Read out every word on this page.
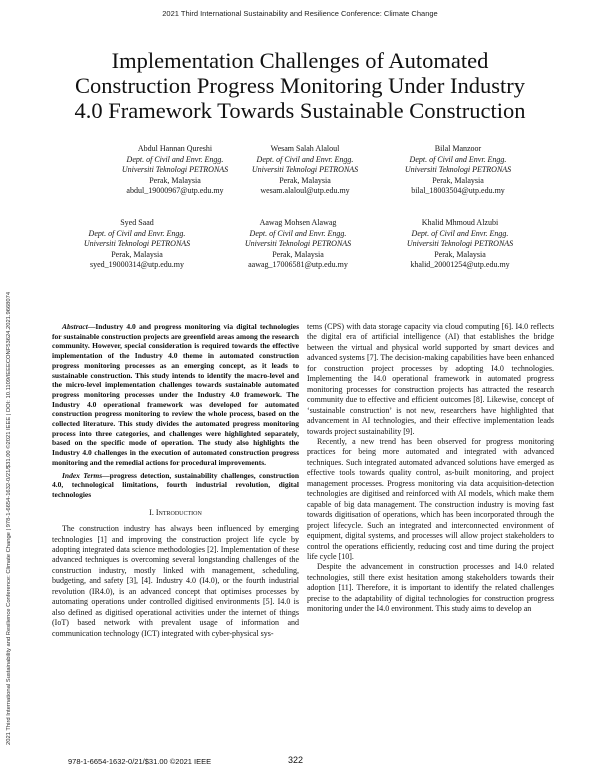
2021 Third International Sustainability and Resilience Conference: Climate Change
Implementation Challenges of Automated
Construction Progress Monitoring Under Industry
4.0 Framework Towards Sustainable Construction
Abdul Hannan Qureshi
Dept. of Civil and Envr. Engg.
Universiti Teknologi PETRONAS
Perak, Malaysia
abdul_19000967@utp.edu.my
Wesam Salah Alaloul
Dept. of Civil and Envr. Engg.
Universiti Teknologi PETRONAS
Perak, Malaysia
wesam.alaloul@utp.edu.my
Bilal Manzoor
Dept. of Civil and Envr. Engg.
Universiti Teknologi PETRONAS
Perak, Malaysia
bilal_18003504@utp.edu.my
Syed Saad
Dept. of Civil and Envr. Engg.
Universiti Teknologi PETRONAS
Perak, Malaysia
syed_19000314@utp.edu.my
Aawag Mohsen Alawag
Dept. of Civil and Envr. Engg.
Universiti Teknologi PETRONAS
Perak, Malaysia
aawag_17006581@utp.edu.my
Khalid Mhmoud Alzubi
Dept. of Civil and Envr. Engg.
Universiti Teknologi PETRONAS
Perak, Malaysia
khalid_20001254@utp.edu.my

Abstract—Industry 4.0 and progress monitoring via digital technologies for sustainable construction projects are greenfield areas among the research community. However, special consideration is required towards the effective implementation of the Industry 4.0 theme in automated construction progress monitoring processes as an emerging concept, as it leads to sustainable construction. This study intends to identify the macro-level and the micro-level implementation challenges towards sustainable automated progress monitoring processes under the Industry 4.0 framework. The Industry 4.0 operational framework was developed for automated construction progress monitoring to review the whole process, based on the collected literature. This study divides the automated progress monitoring process into three categories, and challenges were highlighted separately, based on the specific mode of operation. The study also highlights the Industry 4.0 challenges in the execution of automated construction progress monitoring and the remedial actions for procedural improvements.

Index Terms—progress detection, sustainability challenges, construction 4.0, technological limitations, fourth industrial revolution, digital technologies

I. Introduction

The construction industry has always been influenced by emerging technologies [1] and improving the construction project life cycle by adopting integrated data science methodologies [2]. Implementation of these advanced techniques is overcoming several longstanding challenges of the construction industry, mostly linked with management, scheduling, budgeting, and safety [3], [4]. Industry 4.0 (I4.0), or the fourth industrial revolution (IR4.0), is an advanced concept that optimises processes by automating operations under controlled digitised environments [5]. I4.0 is also defined as digitised operational activities under the internet of things (IoT) based network with prevalent usage of information and communication technology (ICT) integrated with cyber-physical sys-

tems (CPS) with data storage capacity via cloud computing [6]. I4.0 reflects the digital era of artificial intelligence (AI) that establishes the bridge between the virtual and physical world supported by smart devices and advanced systems [7]. The decision-making capabilities have been enhanced for construction project processes by adopting I4.0 technologies. Implementing the I4.0 operational framework in automated progress monitoring processes for construction projects has attracted the research community due to effective and efficient outcomes [8]. Likewise, concept of ‘sustainable construction’ is not new, researchers have highlighted that advancement in AI technologies, and their effective implementation leads towards project sustainability [9].

Recently, a new trend has been observed for progress monitoring practices for being more automated and integrated with advanced techniques. Such integrated automated advanced solutions have emerged as effective tools towards quality control, as-built monitoring, and project management processes. Progress monitoring via data acquisition-detection technologies are digitised and reinforced with AI models, which make them capable of big data management. The construction industry is moving fast towards digitisation of operations, which has been incorporated through the project lifecycle. Such an integrated and interconnected environment of equipment, digital systems, and processes will allow project stakeholders to control the operations efficiently, reducing cost and time during the project life cycle [10].

Despite the advancement in construction processes and I4.0 related technologies, still there exist hesitation among stakeholders towards their adoption [11]. Therefore, it is important to identify the related challenges precise to the adaptability of digital technologies for construction progress monitoring under the I4.0 environment. This study aims to develop an

2021 Third International Sustainability and Resilience Conference: Climate Change | 978-1-6654-1632-0/21/$31.00 ©2021 IEEE | DOI: 10.1109/IEEECONF53624.2021.9668074
978-1-6654-1632-0/21/$31.00 ©2021 IEEE	322
